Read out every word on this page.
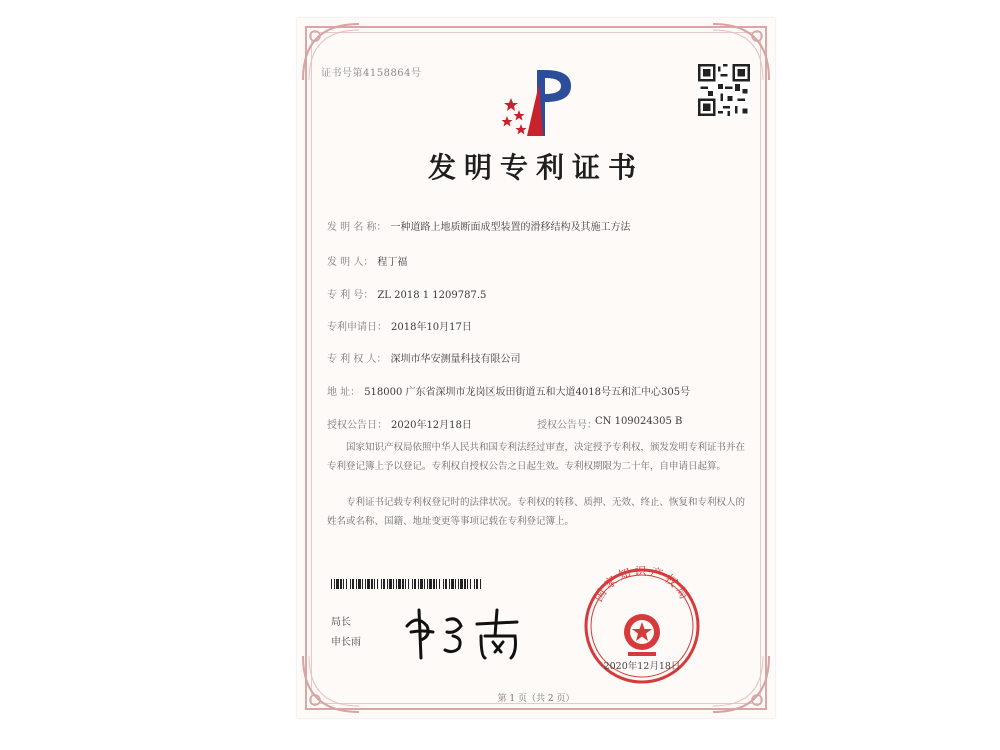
证书号第4158864号
发明专利证书
发 明 名 称： 一种道路上地质断面成型装置的滑移结构及其施工方法
发 明 人： 程丁福
专 利 号： ZL 2018 1 1209787.5
专利申请日： 2018年10月17日
专 利 权 人： 深圳市华安测量科技有限公司
地 址： 518000 广东省深圳市龙岗区坂田街道五和大道4018号五和汇中心305号
授权公告日： 2020年12月18日	授权公告号：
CN 109024305 B
国家知识产权局依照中华人民共和国专利法经过审查，决定授予专利权，颁发发明专利证书并在专利登记簿上予以登记。专利权自授权公告之日起生效。专利权期限为二十年，自申请日起算。
专利证书记载专利权登记时的法律状况。专利权的转移、质押、无效、终止、恢复和专利权人的姓名或名称、国籍、地址变更等事项记载在专利登记簿上。
局长
申长雨
国家知识产权局
2020年12月18日
第 1 页（共 2 页）
